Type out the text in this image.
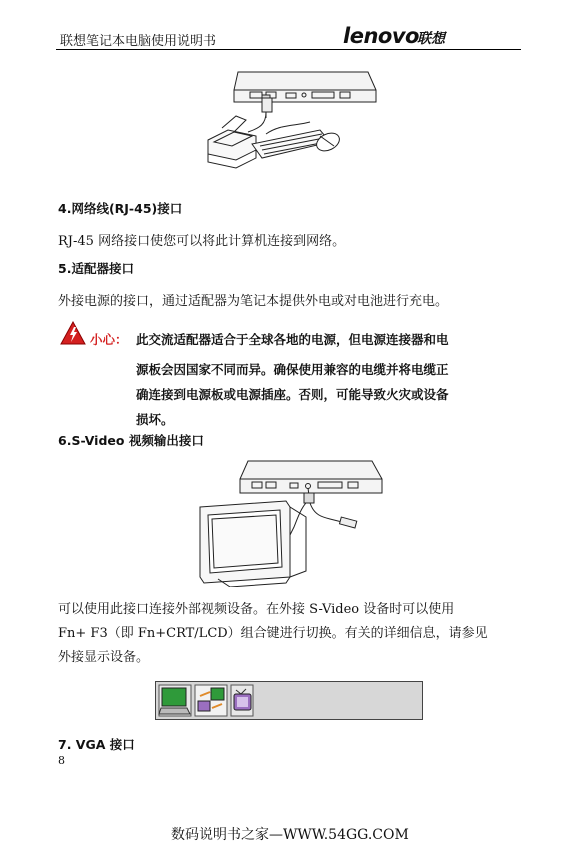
联想笔记本电脑使用说明书	lenovo
联想
4.网络线(RJ-45)接口
RJ-45 网络接口使您可以将此计算机连接到网络。
5.适配器接口
外接电源的接口，通过适配器为笔记本提供外电或对电池进行充电。
小心： 此交流适配器适合于全球各地的电源，但电源连接器和电
源板会因国家不同而异。确保使用兼容的电缆并将电缆正
确连接到电源板或电源插座。否则，可能导致火灾或设备
损坏。
6.S-Video 视频输出接口
可以使用此接口连接外部视频设备。在外接 S-Video 设备时可以使用
Fn+ F3（即 Fn+CRT/LCD）组合键进行切换。有关的详细信息，请参见
外接显示设备。
7. VGA 接口
8
数码说明书之家—WWW.54GG.COM
